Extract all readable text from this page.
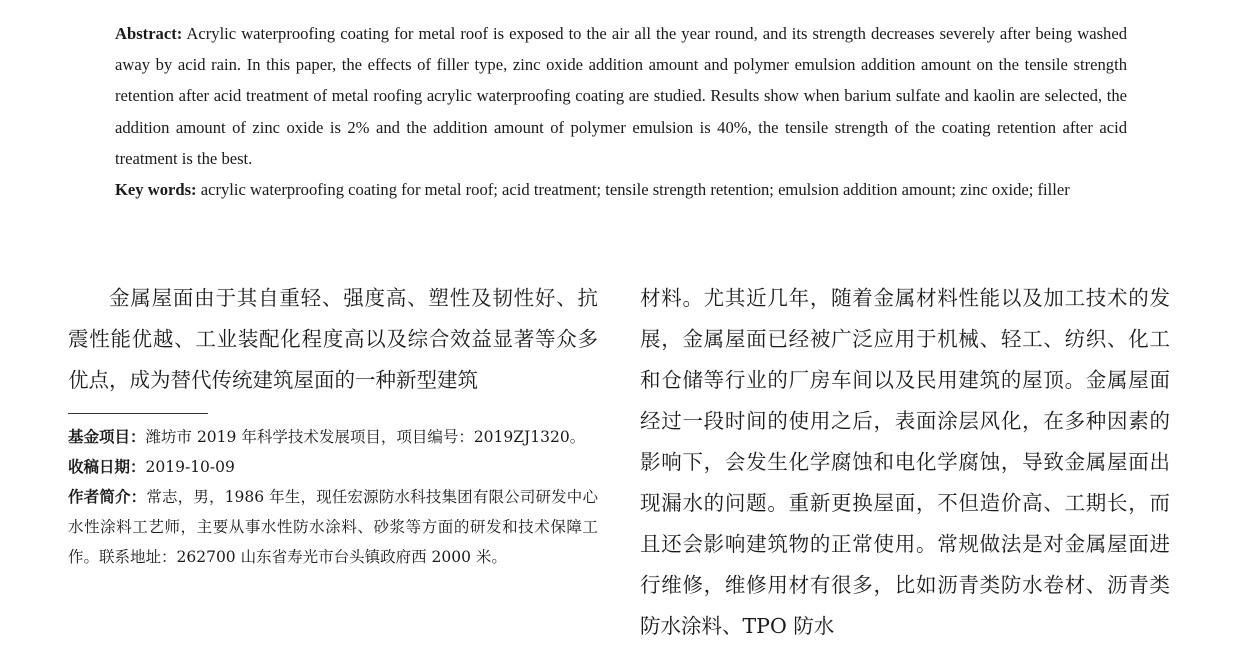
Abstract: Acrylic waterproofing coating for metal roof is exposed to the air all the year round, and its strength decreases severely after being washed away by acid rain. In this paper, the effects of filler type, zinc oxide addition amount and polymer emulsion addition amount on the tensile strength retention after acid treatment of metal roofing acrylic waterproofing coating are studied. Results show when barium sulfate and kaolin are selected, the addition amount of zinc oxide is 2% and the addition amount of polymer emulsion is 40%, the tensile strength of the coating retention after acid treatment is the best.

Key words: acrylic waterproofing coating for metal roof; acid treatment; tensile strength retention; emulsion addition amount; zinc oxide; filler

金属屋面由于其自重轻、强度高、塑性及韧性好、抗震性能优越、工业装配化程度高以及综合效益显著等众多优点，成为替代传统建筑屋面的一种新型建筑

基金项目：潍坊市 2019 年科学技术发展项目，项目编号：2019ZJ1320。

收稿日期：2019-10-09

作者简介：常志，男，1986 年生，现任宏源防水科技集团有限公司研发中心水性涂料工艺师，主要从事水性防水涂料、砂浆等方面的研发和技术保障工作。联系地址：262700 山东省寿光市台头镇政府西 2000 米。

材料。尤其近几年，随着金属材料性能以及加工技术的发展，金属屋面已经被广泛应用于机械、轻工、纺织、化工和仓储等行业的厂房车间以及民用建筑的屋顶。金属屋面经过一段时间的使用之后，表面涂层风化，在多种因素的影响下，会发生化学腐蚀和电化学腐蚀，导致金属屋面出现漏水的问题。重新更换屋面，不但造价高、工期长，而且还会影响建筑物的正常使用。常规做法是对金属屋面进行维修，维修用材有很多，比如沥青类防水卷材、沥青类防水涂料、TPO 防水
